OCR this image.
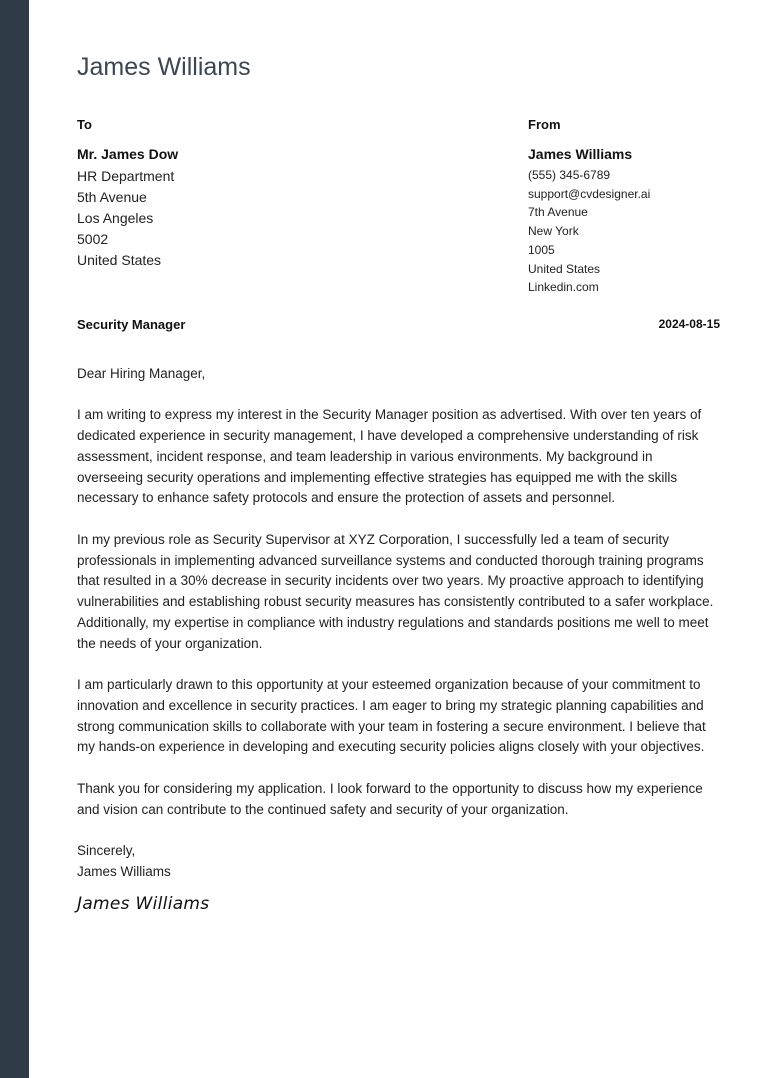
James Williams
To
Mr. James Dow
HR Department
5th Avenue
Los Angeles
5002
United States
From
James Williams
(555) 345-6789
support@cvdesigner.ai
7th Avenue
New York
1005
United States
Linkedin.com
Security Manager	2024-08-15

Dear Hiring Manager,

I am writing to express my interest in the Security Manager position as advertised. With over ten years of dedicated experience in security management, I have developed a comprehensive understanding of risk assessment, incident response, and team leadership in various environments. My background in overseeing security operations and implementing effective strategies has equipped me with the skills necessary to enhance safety protocols and ensure the protection of assets and personnel.

In my previous role as Security Supervisor at XYZ Corporation, I successfully led a team of security professionals in implementing advanced surveillance systems and conducted thorough training programs that resulted in a 30% decrease in security incidents over two years. My proactive approach to identifying vulnerabilities and establishing robust security measures has consistently contributed to a safer workplace. Additionally, my expertise in compliance with industry regulations and standards positions me well to meet the needs of your organization.

I am particularly drawn to this opportunity at your esteemed organization because of your commitment to innovation and excellence in security practices. I am eager to bring my strategic planning capabilities and strong communication skills to collaborate with your team in fostering a secure environment. I believe that my hands-on experience in developing and executing security policies aligns closely with your objectives.

Thank you for considering my application. I look forward to the opportunity to discuss how my experience and vision can contribute to the continued safety and security of your organization.

Sincerely,

James Williams

James Williams
